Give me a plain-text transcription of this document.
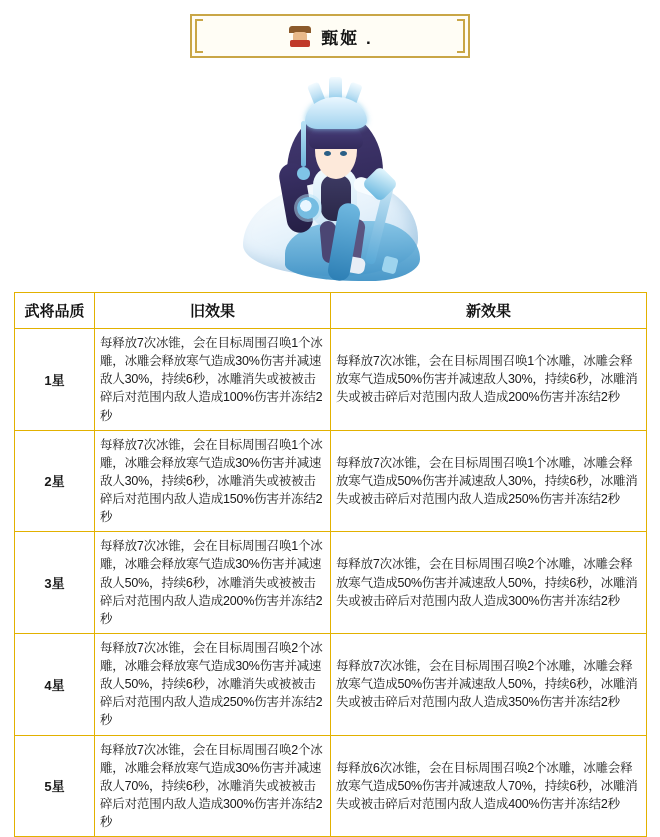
甄姬 .
武将品质	旧效果	新效果
1星	每释放7次冰锥，会在目标周围召唤1个冰雕，冰雕会释放寒气造成30%伤害并减速敌人30%，持续6秒，冰雕消失或被被击碎后对范围内敌人造成100%伤害并冻结2秒	每释放7次冰锥，会在目标周围召唤1个冰雕，冰雕会释放寒气造成50%伤害并减速敌人30%，持续6秒，冰雕消失或被击碎后对范围内敌人造成200%伤害并冻结2秒
2星	每释放7次冰锥，会在目标周围召唤1个冰雕，冰雕会释放寒气造成30%伤害并减速敌人30%，持续6秒，冰雕消失或被被击碎后对范围内敌人造成150%伤害并冻结2秒	每释放7次冰锥，会在目标周围召唤1个冰雕，冰雕会释放寒气造成50%伤害并减速敌人30%，持续6秒，冰雕消失或被击碎后对范围内敌人造成250%伤害并冻结2秒
3星	每释放7次冰锥，会在目标周围召唤1个冰雕，冰雕会释放寒气造成30%伤害并减速敌人50%，持续6秒，冰雕消失或被被击碎后对范围内敌人造成200%伤害并冻结2秒	每释放7次冰锥，会在目标周围召唤2个冰雕，冰雕会释放寒气造成50%伤害并减速敌人50%，持续6秒，冰雕消失或被击碎后对范围内敌人造成300%伤害并冻结2秒
4星	每释放7次冰锥，会在目标周围召唤2个冰雕，冰雕会释放寒气造成30%伤害并减速敌人50%，持续6秒，冰雕消失或被被击碎后对范围内敌人造成250%伤害并冻结2秒	每释放7次冰锥，会在目标周围召唤2个冰雕，冰雕会释放寒气造成50%伤害并减速敌人50%，持续6秒，冰雕消失或被击碎后对范围内敌人造成350%伤害并冻结2秒
5星	每释放7次冰锥，会在目标周围召唤2个冰雕，冰雕会释放寒气造成30%伤害并减速敌人70%，持续6秒，冰雕消失或被被击碎后对范围内敌人造成300%伤害并冻结2秒	每释放6次冰锥，会在目标周围召唤2个冰雕，冰雕会释放寒气造成50%伤害并减速敌人70%，持续6秒，冰雕消失或被击碎后对范围内敌人造成400%伤害并冻结2秒
